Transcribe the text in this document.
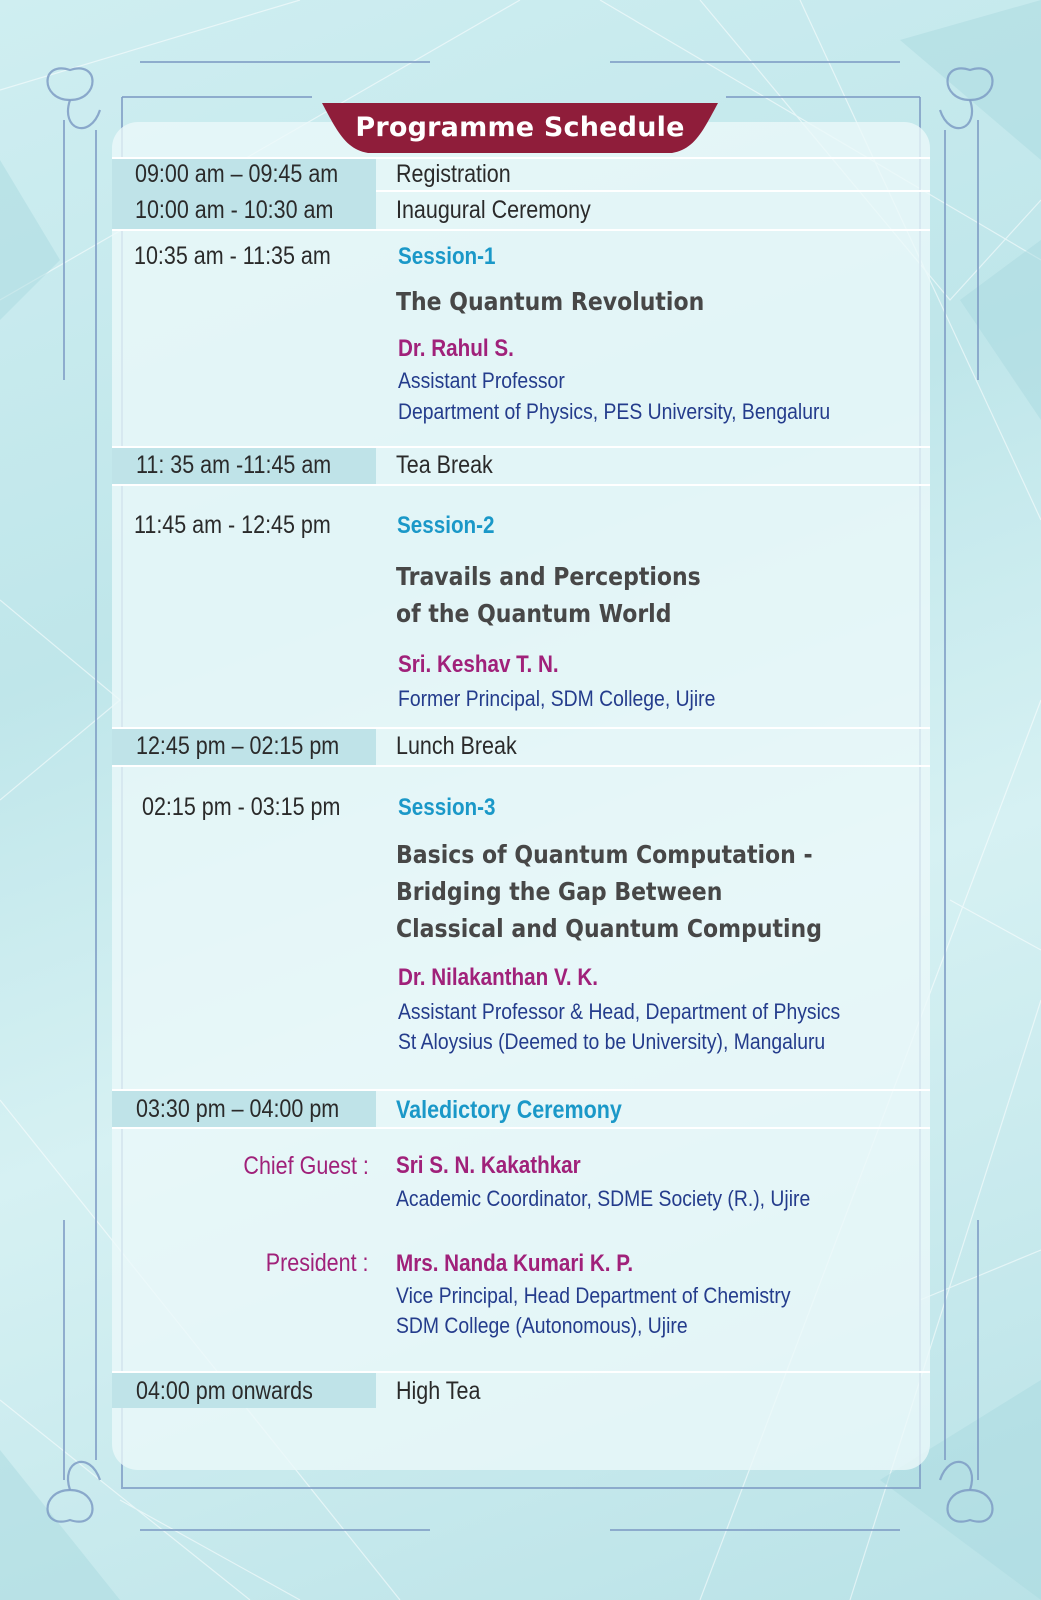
Programme Schedule
09:00 am – 09:45 am Registration
10:00 am - 10:30 am	Inaugural Ceremony
10:35 am - 11:35 am	Session-1
The Quantum Revolution
Dr. Rahul S.
Assistant Professor
Department of Physics, PES University, Bengaluru
11: 35 am -11:45 am	Tea Break
11:45 am - 12:45 pm	Session-2
Travails and Perceptions
of the Quantum World
Sri. Keshav T. N.
Former Principal, SDM College, Ujire
12:45 pm – 02:15 pm Lunch Break
02:15 pm - 03:15 pm Session-3
Basics of Quantum Computation -
Bridging the Gap Between
Classical and Quantum Computing
Dr. Nilakanthan V. K.
Assistant Professor & Head, Department of Physics
St Aloysius (Deemed to be University), Mangaluru
03:30 pm – 04:00 pm Valedictory Ceremony
Chief Guest : Sri S. N. Kakathkar
Academic Coordinator, SDME Society (R.), Ujire
President : Mrs. Nanda Kumari K. P.
Vice Principal, Head Department of Chemistry
SDM College (Autonomous), Ujire
04:00 pm onwards	High Tea
